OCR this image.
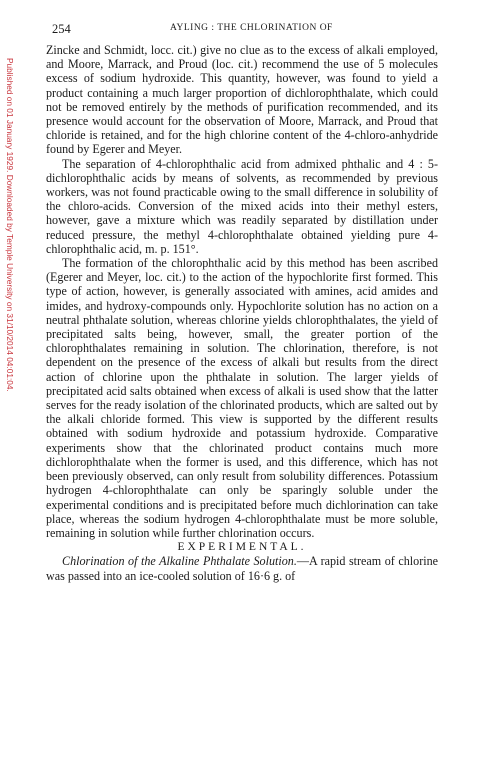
254	AYLING : THE CHLORINATION OF
Published on 01 January 1929. Downloaded by Temple University on 31/10/2014 04:01:04.

Zincke and Schmidt, locc. cit.) give no clue as to the excess of alkali employed, and Moore, Marrack, and Proud (loc. cit.) recommend the use of 5 molecules excess of sodium hydroxide. This quantity, however, was found to yield a product containing a much larger proportion of dichlorophthalate, which could not be removed entirely by the methods of purification recommended, and its presence would account for the observation of Moore, Marrack, and Proud that chloride is retained, and for the high chlorine content of the 4-chloro-anhydride found by Egerer and Meyer.

The separation of 4-chlorophthalic acid from admixed phthalic and 4 : 5-dichlorophthalic acids by means of solvents, as recommended by previous workers, was not found practicable owing to the small difference in solubility of the chloro-acids. Conversion of the mixed acids into their methyl esters, however, gave a mixture which was readily separated by distillation under reduced pressure, the methyl 4-chlorophthalate obtained yielding pure 4-chlorophthalic acid, m. p. 151°.

The formation of the chlorophthalic acid by this method has been ascribed (Egerer and Meyer, loc. cit.) to the action of the hypochlorite first formed. This type of action, however, is generally associated with amines, acid amides and imides, and hydroxy-compounds only. Hypochlorite solution has no action on a neutral phthalate solution, whereas chlorine yields chlorophthalates, the yield of precipitated salts being, however, small, the greater portion of the chlorophthalates remaining in solution. The chlorination, therefore, is not dependent on the presence of the excess of alkali but results from the direct action of chlorine upon the phthalate in solution. The larger yields of precipitated acid salts obtained when excess of alkali is used show that the latter serves for the ready isolation of the chlorinated products, which are salted out by the alkali chloride formed. This view is supported by the different results obtained with sodium hydroxide and potassium hydroxide. Comparative experiments show that the chlorinated product contains much more dichlorophthalate when the former is used, and this difference, which has not been previously observed, can only result from solubility differences. Potassium hydrogen 4-chlorophthalate can only be sparingly soluble under the experimental conditions and is precipitated before much dichlorination can take place, whereas the sodium hydrogen 4-chlorophthalate must be more soluble, remaining in solution while further chlorination occurs.

EXPERIMENTAL.

Chlorination of the Alkaline Phthalate Solution.—A rapid stream of chlorine was passed into an ice-cooled solution of 16·6 g. of
